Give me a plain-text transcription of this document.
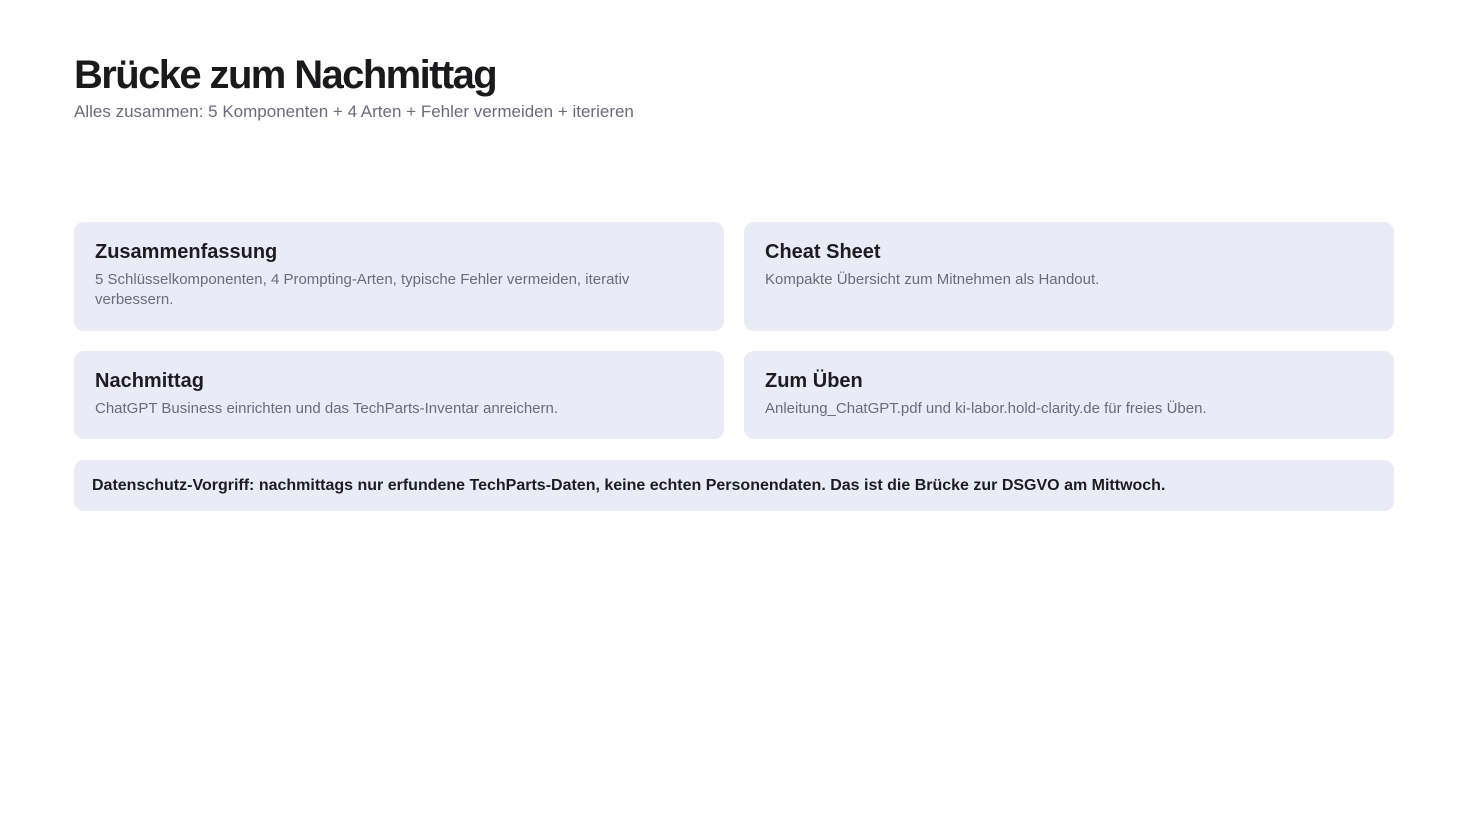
Brücke zum Nachmittag

Alles zusammen: 5 Komponenten + 4 Arten + Fehler vermeiden + iterieren

Zusammenfassung

5 Schlüsselkomponenten, 4 Prompting-Arten, typische Fehler vermeiden, iterativ verbessern.

Cheat Sheet

Kompakte Übersicht zum Mitnehmen als Handout.

Nachmittag

ChatGPT Business einrichten und das TechParts-Inventar anreichern.

Zum Üben

Anleitung_ChatGPT.pdf und ki-labor.hold-clarity.de für freies Üben.

Datenschutz-Vorgriff: nachmittags nur erfundene TechParts-Daten, keine echten Personendaten. Das ist die Brücke zur DSGVO am Mittwoch.
